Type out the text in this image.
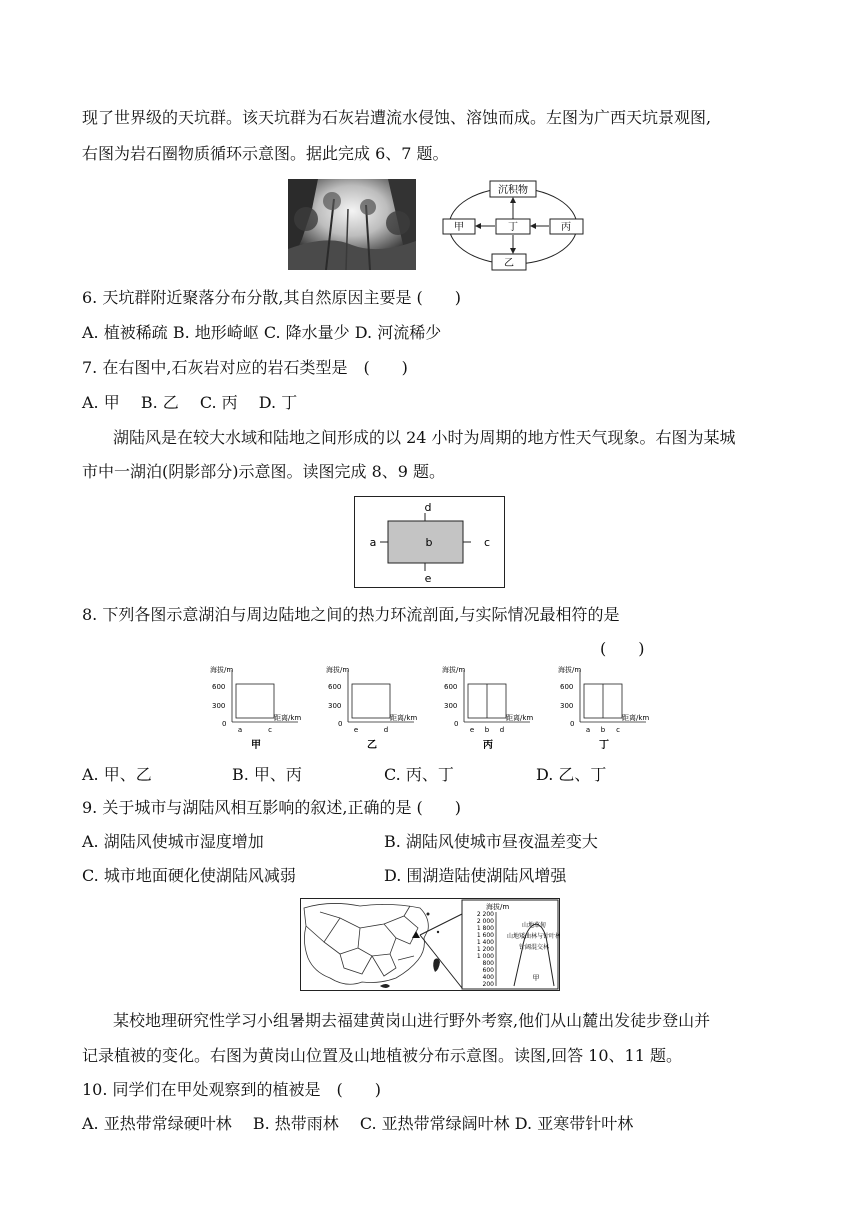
现了世界级的天坑群。该天坑群为石灰岩遭流水侵蚀、溶蚀而成。左图为广西天坑景观图,
右图为岩石圈物质循环示意图。据此完成 6、7 题。
沉积物
甲	丁	丙
乙
6. 天坑群附近聚落分布分散,其自然原因主要是 (　　)
A. 植被稀疏 B. 地形崎岖 C. 降水量少 D. 河流稀少
7. 在右图中,石灰岩对应的岩石类型是　(　　)
A. 甲　 B. 乙　 C. 丙　 D. 丁
湖陆风是在较大水域和陆地之间形成的以 24 小时为周期的地方性天气现象。右图为某城
市中一湖泊(阴影部分)示意图。读图完成 8、9 题。
a	b	c
d
e
8. 下列各图示意湖泊与周边陆地之间的热力环流剖面,与实际情况最相符的是
(　　)
海拔/m
600
300
0
距离/km
a	c
甲
海拔/m
600
300
0
距离/km
e	d
乙
海拔/m
600
300
0
距离/km
e b d
丙
海拔/m
600
300
0
距离/km
a b c
丁
A. 甲、乙	B. 甲、丙	C. 丙、丁	D. 乙、丁
9. 关于城市与湖陆风相互影响的叙述,正确的是 (　　)
A. 湖陆风使城市湿度增加	B. 湖陆风使城市昼夜温差变大
C. 城市地面硬化使湖陆风减弱	D. 围湖造陆使湖陆风增强
海拔/m
2 200
2 000
1 800
1 600
1 400
1 200
1 000
800
600
400
200
山地草甸
山地矮曲林与针叶林
针阔混交林
甲
某校地理研究性学习小组暑期去福建黄岗山进行野外考察,他们从山麓出发徒步登山并
记录植被的变化。右图为黄岗山位置及山地植被分布示意图。读图,回答 10、11 题。
10. 同学们在甲处观察到的植被是　(　　)
A. 亚热带常绿硬叶林　 B. 热带雨林　 C. 亚热带常绿阔叶林 D. 亚寒带针叶林
